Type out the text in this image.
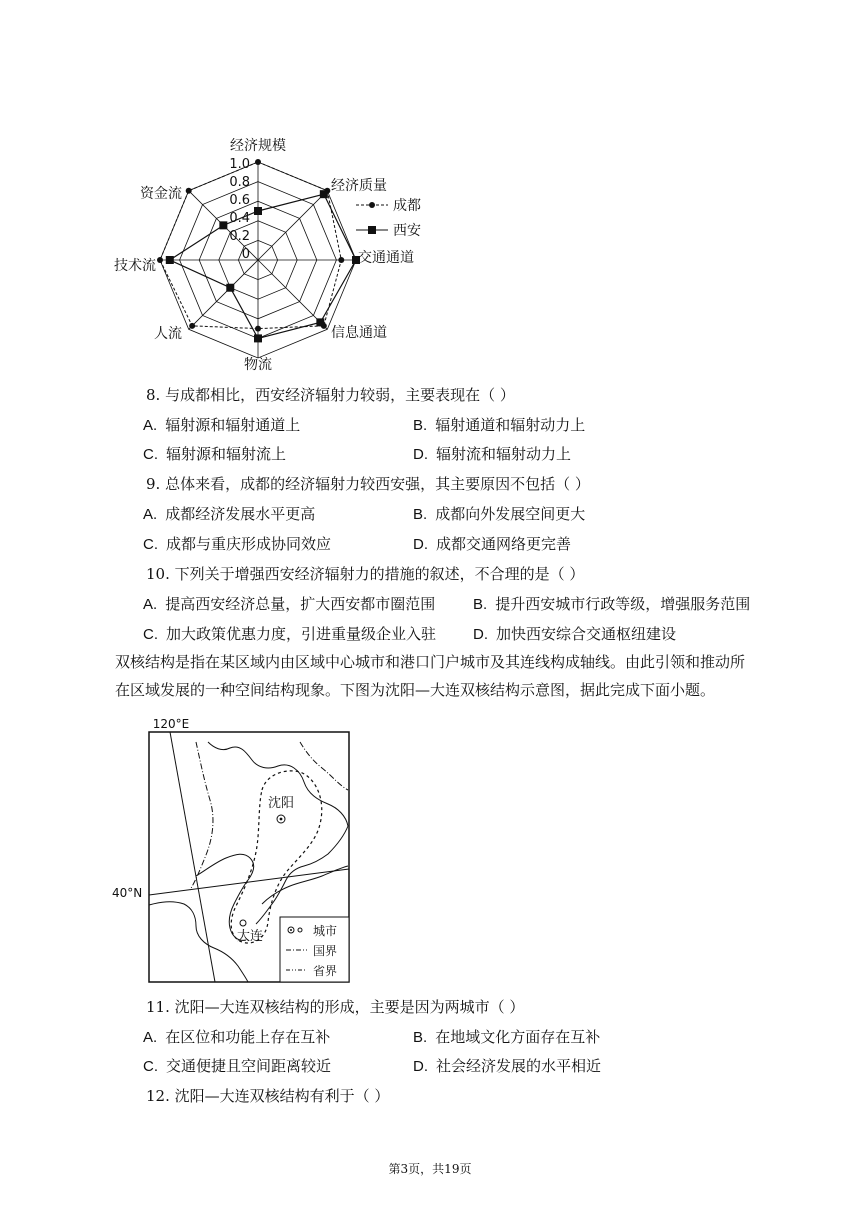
经济规模
经济质量
交通通道
信息通道
物流
人流
技术流
资金流
1.0
0.8
0.6
0.4
0.2
0
成都
西安
8. 与成都相比，西安经济辐射力较弱，主要表现在（ ）
A. 辐射源和辐射通道上	B. 辐射通道和辐射动力上
C. 辐射源和辐射流上	D. 辐射流和辐射动力上
9. 总体来看，成都的经济辐射力较西安强，其主要原因不包括（ ）
A. 成都经济发展水平更高	B. 成都向外发展空间更大
C. 成都与重庆形成协同效应	D. 成都交通网络更完善
10. 下列关于增强西安经济辐射力的措施的叙述，不合理的是（ ）
A. 提高西安经济总量，扩大西安都市圈范围	B. 提升西安城市行政等级，增强服务范围
C. 加大政策优惠力度，引进重量级企业入驻 D. 加快西安综合交通枢纽建设
双核结构是指在某区域内由区域中心城市和港口门户城市及其连线构成轴线。由此引领和推动所
在区域发展的一种空间结构现象。下图为沈阳—大连双核结构示意图，据此完成下面小题。
120°E
40°N
沈阳
大连	城市
国界
省界
11. 沈阳—大连双核结构的形成，主要是因为两城市（ ）
A. 在区位和功能上存在互补	B. 在地域文化方面存在互补
C. 交通便捷且空间距离较近	D. 社会经济发展的水平相近
12. 沈阳—大连双核结构有利于（ ）
第3页，共19页
